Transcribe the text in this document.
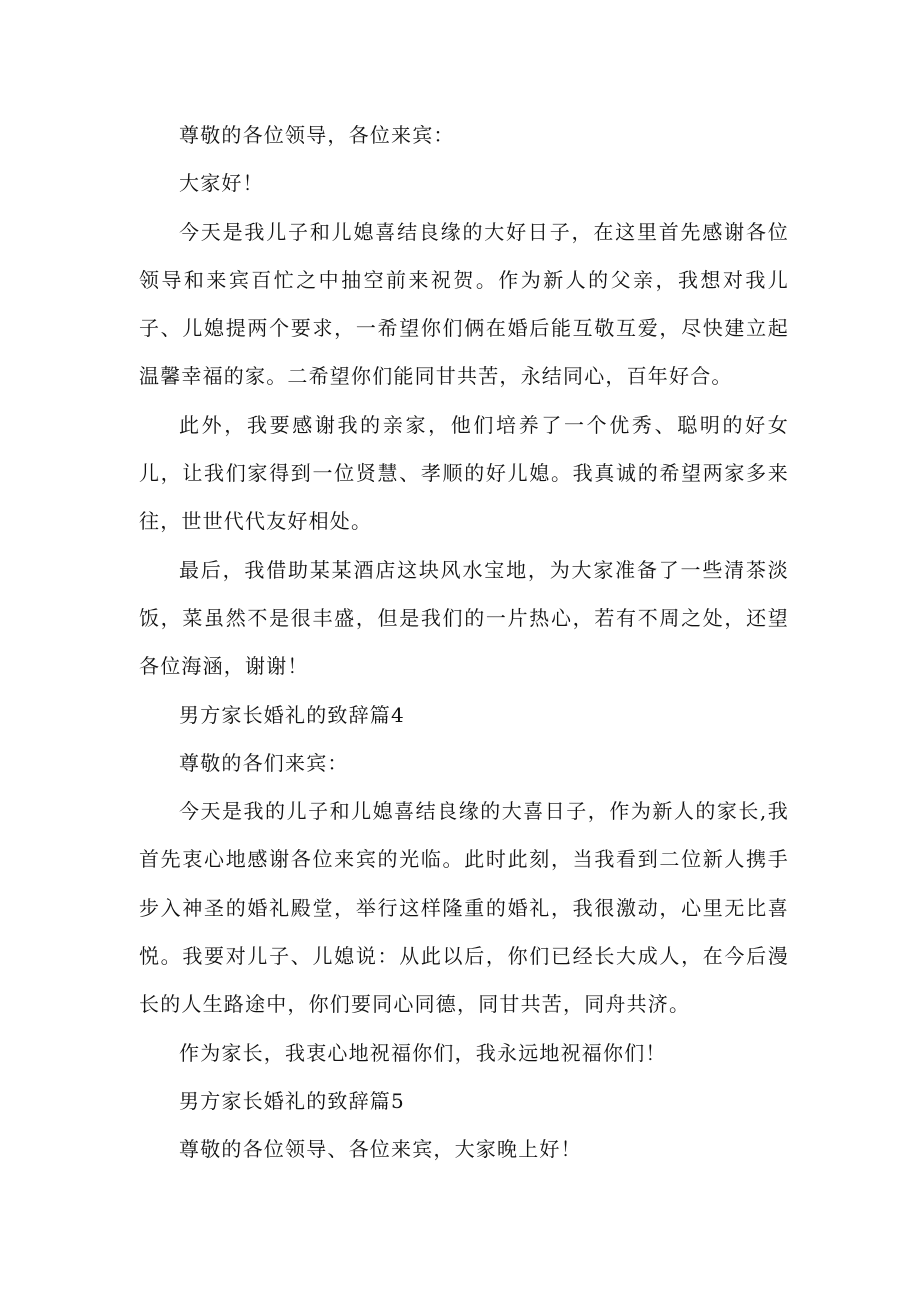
尊敬的各位领导，各位来宾：

大家好！

今天是我儿子和儿媳喜结良缘的大好日子，在这里首先感谢各位领导和来宾百忙之中抽空前来祝贺。作为新人的父亲，我想对我儿子、儿媳提两个要求，一希望你们俩在婚后能互敬互爱，尽快建立起温馨幸福的家。二希望你们能同甘共苦，永结同心，百年好合。

此外，我要感谢我的亲家，他们培养了一个优秀、聪明的好女儿，让我们家得到一位贤慧、孝顺的好儿媳。我真诚的希望两家多来往，世世代代友好相处。

最后，我借助某某酒店这块风水宝地，为大家准备了一些清茶淡饭，菜虽然不是很丰盛，但是我们的一片热心，若有不周之处，还望各位海涵，谢谢！

男方家长婚礼的致辞篇4

尊敬的各们来宾：

今天是我的儿子和儿媳喜结良缘的大喜日子，作为新人的家长,我首先衷心地感谢各位来宾的光临。此时此刻，当我看到二位新人携手步入神圣的婚礼殿堂，举行这样隆重的婚礼，我很激动，心里无比喜悦。我要对儿子、儿媳说：从此以后，你们已经长大成人，在今后漫长的人生路途中，你们要同心同德，同甘共苦，同舟共济。

作为家长，我衷心地祝福你们，我永远地祝福你们！

男方家长婚礼的致辞篇5

尊敬的各位领导、各位来宾，大家晚上好！
